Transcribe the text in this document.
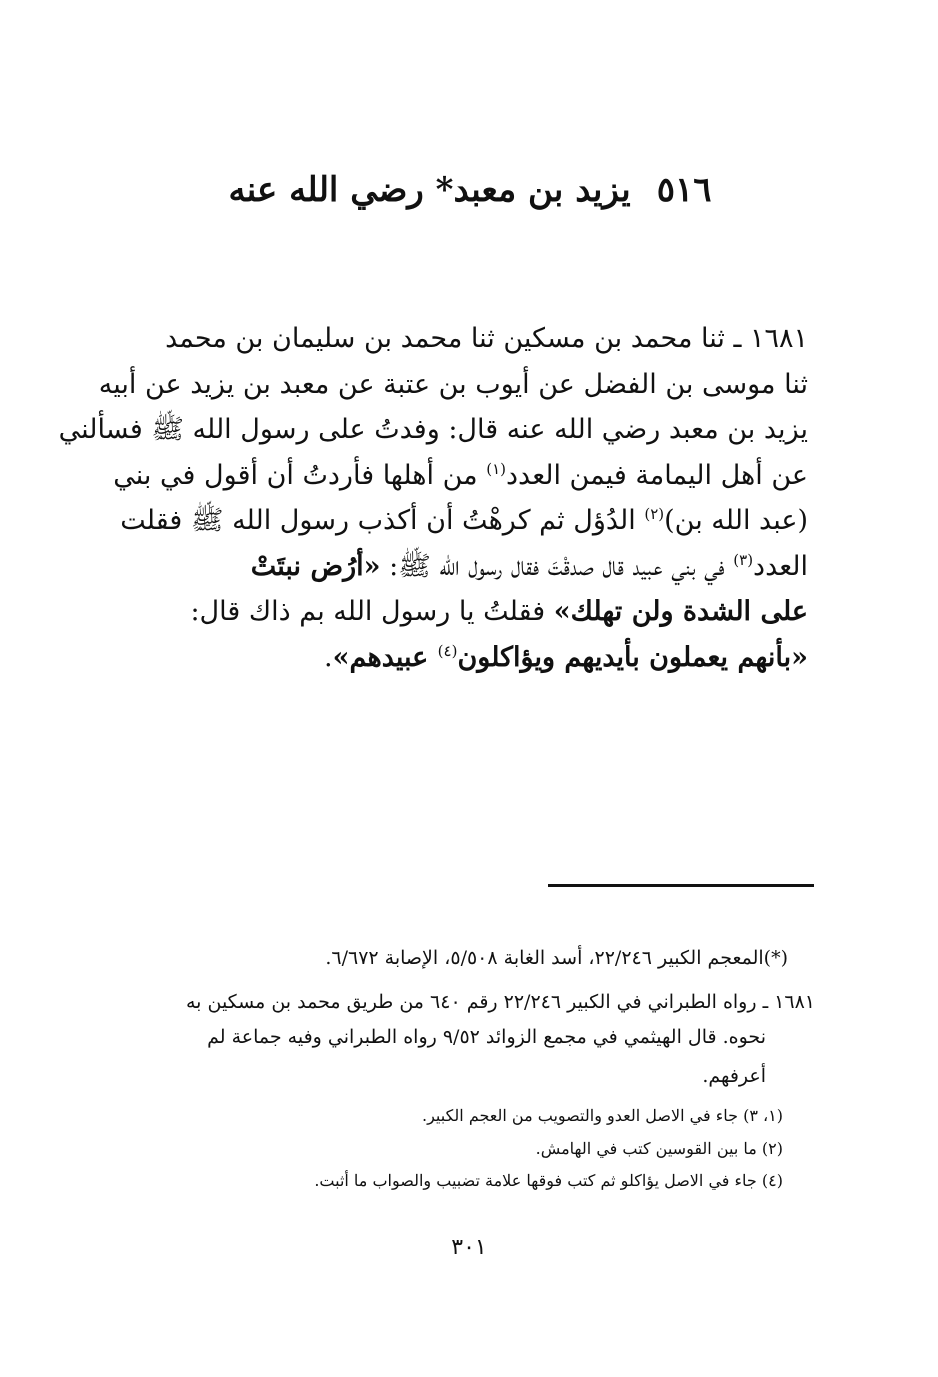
٥١٦يزيد بن معبد* رضي الله عنه

١٦٨١ ـ ثنا محمد بن مسكين ثنا محمد بن سليمان بن محمد

ثنا موسى بن الفضل عن أيوب بن عتبة عن معبد بن يزيد عن أبيه

يزيد بن معبد رضي الله عنه قال: وفدتُ على رسول الله ﷺ فسألني

عن أهل اليمامة فيمن العدد$^{(١)}$ من أهلها فأردتُ أن أقول في بني

(عبد الله بن)$^{(٢)}$ الدُؤل ثم كرهْتُ أن أكذب رسول الله ﷺ فقلت

العدد$^{(٣)}$ في بني عبيد قال صدقْتَ فقال رسول الله ﷺ: «أرُض نبتَتْ

على الشدة ولن تهلك» فقلتُ يا رسول الله بم ذاك قال:

«بأنهم يعملون بأيديهم ويؤاكلون$^{(٤)}$ عبيدهم».

(*)المعجم الكبير ٢٢/٢٤٦، أسد الغابة ٥/٥٠٨، الإصابة ٦/٦٧٢.
١٦٨١ ـ رواه الطبراني في الكبير ٢٢/٢٤٦ رقم ٦٤٠ من طريق محمد بن مسكين به
نحوه. قال الهيثمي في مجمع الزوائد ٩/٥٢ رواه الطبراني وفيه جماعة لم
أعرفهم.
(١، ٣) جاء في الاصل العدو والتصويب من العجم الكبير.
(٢) ما بين القوسين كتب في الهامش.
(٤) جاء في الاصل يؤاكلو ثم كتب فوقها علامة تضبيب والصواب ما أثبت.
٣٠١
